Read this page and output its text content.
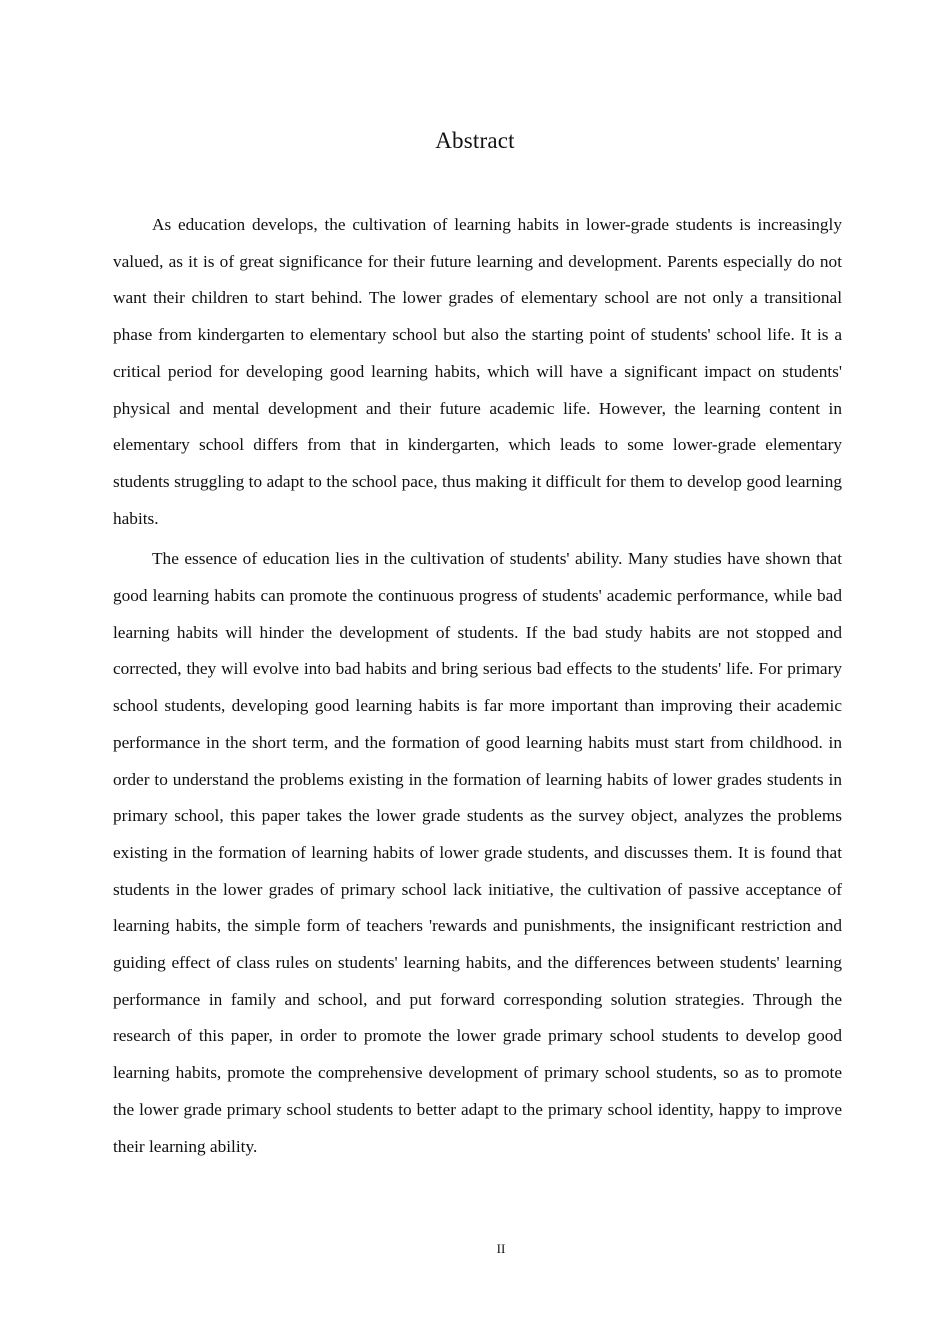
Abstract

As education develops, the cultivation of learning habits in lower-grade students is increasingly valued, as it is of great significance for their future learning and development. Parents especially do not want their children to start behind. The lower grades of elementary school are not only a transitional phase from kindergarten to elementary school but also the starting point of students' school life. It is a critical period for developing good learning habits, which will have a significant impact on students' physical and mental development and their future academic life. However, the learning content in elementary school differs from that in kindergarten, which leads to some lower-grade elementary students struggling to adapt to the school pace, thus making it difficult for them to develop good learning habits.

The essence of education lies in the cultivation of students' ability. Many studies have shown that good learning habits can promote the continuous progress of students' academic performance, while bad learning habits will hinder the development of students. If the bad study habits are not stopped and corrected, they will evolve into bad habits and bring serious bad effects to the students' life. For primary school students, developing good learning habits is far more important than improving their academic performance in the short term, and the formation of good learning habits must start from childhood. in order to understand the problems existing in the formation of learning habits of lower grades students in primary school, this paper takes the lower grade students as the survey object, analyzes the problems existing in the formation of learning habits of lower grade students, and discusses them. It is found that students in the lower grades of primary school lack initiative, the cultivation of passive acceptance of learning habits, the simple form of teachers 'rewards and punishments, the insignificant restriction and guiding effect of class rules on students' learning habits, and the differences between students' learning performance in family and school, and put forward corresponding solution strategies. Through the research of this paper, in order to promote the lower grade primary school students to develop good learning habits, promote the comprehensive development of primary school students, so as to promote the lower grade primary school students to better adapt to the primary school identity, happy to improve their learning ability.

II
